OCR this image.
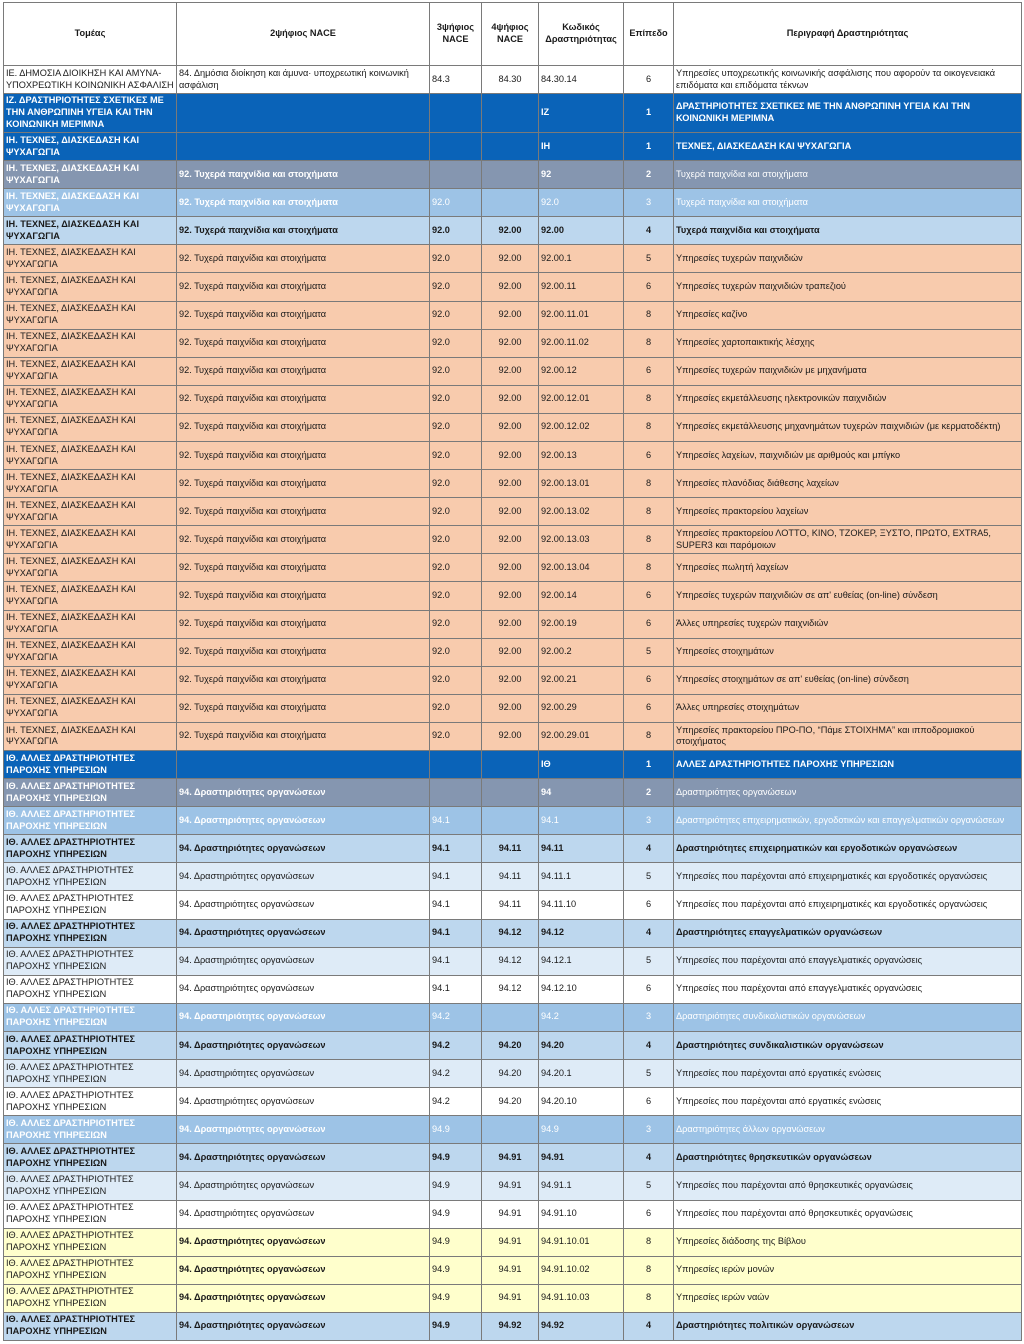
Τομέας	2ψήφιος NACE	3ψήφιος NACE	4ψήφιος NACE	Κωδικός Δραστηριότητας	Επίπεδο	Περιγραφή Δραστηριότητας
ΙΕ. ΔΗΜΟΣΙΑ ΔΙΟΙΚΗΣΗ ΚΑΙ ΑΜΥΝΑ-ΥΠΟΧΡΕΩΤΙΚΗ ΚΟΙΝΩΝΙΚΗ ΑΣΦΑΛΙΣΗ	84. Δημόσια διοίκηση και άμυνα· υποχρεωτική κοινωνική ασφάλιση	84.3	84.30	84.30.14	6	Υπηρεσίες υποχρεωτικής κοινωνικής ασφάλισης που αφορούν τα οικογενειακά επιδόματα και επιδόματα τέκνων
ΙΖ. ΔΡΑΣΤΗΡΙΟΤΗΤΕΣ ΣΧΕΤΙΚΕΣ ΜΕ ΤΗΝ ΑΝΘΡΩΠΙΝΗ ΥΓΕΙΑ ΚΑΙ ΤΗΝ ΚΟΙΝΩΝΙΚΗ ΜΕΡΙΜΝΑ				ΙΖ	1	ΔΡΑΣΤΗΡΙΟΤΗΤΕΣ ΣΧΕΤΙΚΕΣ ΜΕ ΤΗΝ ΑΝΘΡΩΠΙΝΗ ΥΓΕΙΑ ΚΑΙ ΤΗΝ ΚΟΙΝΩΝΙΚΗ ΜΕΡΙΜΝΑ
ΙΗ. ΤΕΧΝΕΣ, ΔΙΑΣΚΕΔΑΣΗ ΚΑΙ ΨΥΧΑΓΩΓΙΑ				ΙΗ	1	ΤΕΧΝΕΣ, ΔΙΑΣΚΕΔΑΣΗ ΚΑΙ ΨΥΧΑΓΩΓΙΑ
ΙΗ. ΤΕΧΝΕΣ, ΔΙΑΣΚΕΔΑΣΗ ΚΑΙ ΨΥΧΑΓΩΓΙΑ	92. Τυχερά παιχνίδια και στοιχήματα			92	2	Τυχερά παιχνίδια και στοιχήματα
ΙΗ. ΤΕΧΝΕΣ, ΔΙΑΣΚΕΔΑΣΗ ΚΑΙ ΨΥΧΑΓΩΓΙΑ	92. Τυχερά παιχνίδια και στοιχήματα	92.0		92.0	3	Τυχερά παιχνίδια και στοιχήματα
ΙΗ. ΤΕΧΝΕΣ, ΔΙΑΣΚΕΔΑΣΗ ΚΑΙ ΨΥΧΑΓΩΓΙΑ	92. Τυχερά παιχνίδια και στοιχήματα	92.0	92.00	92.00	4	Τυχερά παιχνίδια και στοιχήματα
ΙΗ. ΤΕΧΝΕΣ, ΔΙΑΣΚΕΔΑΣΗ ΚΑΙ ΨΥΧΑΓΩΓΙΑ	92. Τυχερά παιχνίδια και στοιχήματα	92.0	92.00	92.00.1	5	Υπηρεσίες τυχερών παιχνιδιών
ΙΗ. ΤΕΧΝΕΣ, ΔΙΑΣΚΕΔΑΣΗ ΚΑΙ ΨΥΧΑΓΩΓΙΑ	92. Τυχερά παιχνίδια και στοιχήματα	92.0	92.00	92.00.11	6	Υπηρεσίες τυχερών παιχνιδιών τραπεζιού
ΙΗ. ΤΕΧΝΕΣ, ΔΙΑΣΚΕΔΑΣΗ ΚΑΙ ΨΥΧΑΓΩΓΙΑ	92. Τυχερά παιχνίδια και στοιχήματα	92.0	92.00	92.00.11.01	8	Υπηρεσίες καζίνο
ΙΗ. ΤΕΧΝΕΣ, ΔΙΑΣΚΕΔΑΣΗ ΚΑΙ ΨΥΧΑΓΩΓΙΑ	92. Τυχερά παιχνίδια και στοιχήματα	92.0	92.00	92.00.11.02	8	Υπηρεσίες χαρτοπαικτικής λέσχης
ΙΗ. ΤΕΧΝΕΣ, ΔΙΑΣΚΕΔΑΣΗ ΚΑΙ ΨΥΧΑΓΩΓΙΑ	92. Τυχερά παιχνίδια και στοιχήματα	92.0	92.00	92.00.12	6	Υπηρεσίες τυχερών παιχνιδιών με μηχανήματα
ΙΗ. ΤΕΧΝΕΣ, ΔΙΑΣΚΕΔΑΣΗ ΚΑΙ ΨΥΧΑΓΩΓΙΑ	92. Τυχερά παιχνίδια και στοιχήματα	92.0	92.00	92.00.12.01	8	Υπηρεσίες εκμετάλλευσης ηλεκτρονικών παιχνιδιών
ΙΗ. ΤΕΧΝΕΣ, ΔΙΑΣΚΕΔΑΣΗ ΚΑΙ ΨΥΧΑΓΩΓΙΑ	92. Τυχερά παιχνίδια και στοιχήματα	92.0	92.00	92.00.12.02	8	Υπηρεσίες εκμετάλλευσης μηχανημάτων τυχερών παιχνιδιών (με κερματοδέκτη)
ΙΗ. ΤΕΧΝΕΣ, ΔΙΑΣΚΕΔΑΣΗ ΚΑΙ ΨΥΧΑΓΩΓΙΑ	92. Τυχερά παιχνίδια και στοιχήματα	92.0	92.00	92.00.13	6	Υπηρεσίες λαχείων, παιχνιδιών με αριθμούς και μπίγκο
ΙΗ. ΤΕΧΝΕΣ, ΔΙΑΣΚΕΔΑΣΗ ΚΑΙ ΨΥΧΑΓΩΓΙΑ	92. Τυχερά παιχνίδια και στοιχήματα	92.0	92.00	92.00.13.01	8	Υπηρεσίες πλανόδιας διάθεσης λαχείων
ΙΗ. ΤΕΧΝΕΣ, ΔΙΑΣΚΕΔΑΣΗ ΚΑΙ ΨΥΧΑΓΩΓΙΑ	92. Τυχερά παιχνίδια και στοιχήματα	92.0	92.00	92.00.13.02	8	Υπηρεσίες πρακτορείου λαχείων
ΙΗ. ΤΕΧΝΕΣ, ΔΙΑΣΚΕΔΑΣΗ ΚΑΙ ΨΥΧΑΓΩΓΙΑ	92. Τυχερά παιχνίδια και στοιχήματα	92.0	92.00	92.00.13.03	8	Υπηρεσίες πρακτορείου ΛΟΤΤΟ, ΚΙΝΟ, ΤΖΟΚΕΡ, ΞΥΣΤΟ, ΠΡΩΤΟ, EXTRA5, SUPER3 και παρόμοιων
ΙΗ. ΤΕΧΝΕΣ, ΔΙΑΣΚΕΔΑΣΗ ΚΑΙ ΨΥΧΑΓΩΓΙΑ	92. Τυχερά παιχνίδια και στοιχήματα	92.0	92.00	92.00.13.04	8	Υπηρεσίες πωλητή λαχείων
ΙΗ. ΤΕΧΝΕΣ, ΔΙΑΣΚΕΔΑΣΗ ΚΑΙ ΨΥΧΑΓΩΓΙΑ	92. Τυχερά παιχνίδια και στοιχήματα	92.0	92.00	92.00.14	6	Υπηρεσίες τυχερών παιχνιδιών σε απ' ευθείας (on-line) σύνδεση
ΙΗ. ΤΕΧΝΕΣ, ΔΙΑΣΚΕΔΑΣΗ ΚΑΙ ΨΥΧΑΓΩΓΙΑ	92. Τυχερά παιχνίδια και στοιχήματα	92.0	92.00	92.00.19	6	Άλλες υπηρεσίες τυχερών παιχνιδιών
ΙΗ. ΤΕΧΝΕΣ, ΔΙΑΣΚΕΔΑΣΗ ΚΑΙ ΨΥΧΑΓΩΓΙΑ	92. Τυχερά παιχνίδια και στοιχήματα	92.0	92.00	92.00.2	5	Υπηρεσίες στοιχημάτων
ΙΗ. ΤΕΧΝΕΣ, ΔΙΑΣΚΕΔΑΣΗ ΚΑΙ ΨΥΧΑΓΩΓΙΑ	92. Τυχερά παιχνίδια και στοιχήματα	92.0	92.00	92.00.21	6	Υπηρεσίες στοιχημάτων σε απ' ευθείας (on-line) σύνδεση
ΙΗ. ΤΕΧΝΕΣ, ΔΙΑΣΚΕΔΑΣΗ ΚΑΙ ΨΥΧΑΓΩΓΙΑ	92. Τυχερά παιχνίδια και στοιχήματα	92.0	92.00	92.00.29	6	Άλλες υπηρεσίες στοιχημάτων
ΙΗ. ΤΕΧΝΕΣ, ΔΙΑΣΚΕΔΑΣΗ ΚΑΙ ΨΥΧΑΓΩΓΙΑ	92. Τυχερά παιχνίδια και στοιχήματα	92.0	92.00	92.00.29.01	8	Υπηρεσίες πρακτορείου ΠΡΟ-ΠΟ, “Πάμε ΣΤΟΙΧΗΜΑ” και ιπποδρομιακού στοιχήματος
ΙΘ. ΑΛΛΕΣ ΔΡΑΣΤΗΡΙΟΤΗΤΕΣ ΠΑΡΟΧΗΣ ΥΠΗΡΕΣΙΩΝ				ΙΘ	1	ΑΛΛΕΣ ΔΡΑΣΤΗΡΙΟΤΗΤΕΣ ΠΑΡΟΧΗΣ ΥΠΗΡΕΣΙΩΝ
ΙΘ. ΑΛΛΕΣ ΔΡΑΣΤΗΡΙΟΤΗΤΕΣ ΠΑΡΟΧΗΣ ΥΠΗΡΕΣΙΩΝ	94. Δραστηριότητες οργανώσεων			94	2	Δραστηριότητες οργανώσεων
ΙΘ. ΑΛΛΕΣ ΔΡΑΣΤΗΡΙΟΤΗΤΕΣ ΠΑΡΟΧΗΣ ΥΠΗΡΕΣΙΩΝ	94. Δραστηριότητες οργανώσεων	94.1		94.1	3	Δραστηριότητες επιχειρηματικών, εργοδοτικών και επαγγελματικών οργανώσεων
ΙΘ. ΑΛΛΕΣ ΔΡΑΣΤΗΡΙΟΤΗΤΕΣ ΠΑΡΟΧΗΣ ΥΠΗΡΕΣΙΩΝ	94. Δραστηριότητες οργανώσεων	94.1	94.11	94.11	4	Δραστηριότητες επιχειρηματικών και εργοδοτικών οργανώσεων
ΙΘ. ΑΛΛΕΣ ΔΡΑΣΤΗΡΙΟΤΗΤΕΣ ΠΑΡΟΧΗΣ ΥΠΗΡΕΣΙΩΝ	94. Δραστηριότητες οργανώσεων	94.1	94.11	94.11.1	5	Υπηρεσίες που παρέχονται από επιχειρηματικές και εργοδοτικές οργανώσεις
ΙΘ. ΑΛΛΕΣ ΔΡΑΣΤΗΡΙΟΤΗΤΕΣ ΠΑΡΟΧΗΣ ΥΠΗΡΕΣΙΩΝ	94. Δραστηριότητες οργανώσεων	94.1	94.11	94.11.10	6	Υπηρεσίες που παρέχονται από επιχειρηματικές και εργοδοτικές οργανώσεις
ΙΘ. ΑΛΛΕΣ ΔΡΑΣΤΗΡΙΟΤΗΤΕΣ ΠΑΡΟΧΗΣ ΥΠΗΡΕΣΙΩΝ	94. Δραστηριότητες οργανώσεων	94.1	94.12	94.12	4	Δραστηριότητες επαγγελματικών οργανώσεων
ΙΘ. ΑΛΛΕΣ ΔΡΑΣΤΗΡΙΟΤΗΤΕΣ ΠΑΡΟΧΗΣ ΥΠΗΡΕΣΙΩΝ	94. Δραστηριότητες οργανώσεων	94.1	94.12	94.12.1	5	Υπηρεσίες που παρέχονται από επαγγελματικές οργανώσεις
ΙΘ. ΑΛΛΕΣ ΔΡΑΣΤΗΡΙΟΤΗΤΕΣ ΠΑΡΟΧΗΣ ΥΠΗΡΕΣΙΩΝ	94. Δραστηριότητες οργανώσεων	94.1	94.12	94.12.10	6	Υπηρεσίες που παρέχονται από επαγγελματικές οργανώσεις
ΙΘ. ΑΛΛΕΣ ΔΡΑΣΤΗΡΙΟΤΗΤΕΣ ΠΑΡΟΧΗΣ ΥΠΗΡΕΣΙΩΝ	94. Δραστηριότητες οργανώσεων	94.2		94.2	3	Δραστηριότητες συνδικαλιστικών οργανώσεων
ΙΘ. ΑΛΛΕΣ ΔΡΑΣΤΗΡΙΟΤΗΤΕΣ ΠΑΡΟΧΗΣ ΥΠΗΡΕΣΙΩΝ	94. Δραστηριότητες οργανώσεων	94.2	94.20	94.20	4	Δραστηριότητες συνδικαλιστικών οργανώσεων
ΙΘ. ΑΛΛΕΣ ΔΡΑΣΤΗΡΙΟΤΗΤΕΣ ΠΑΡΟΧΗΣ ΥΠΗΡΕΣΙΩΝ	94. Δραστηριότητες οργανώσεων	94.2	94.20	94.20.1	5	Υπηρεσίες που παρέχονται από εργατικές ενώσεις
ΙΘ. ΑΛΛΕΣ ΔΡΑΣΤΗΡΙΟΤΗΤΕΣ ΠΑΡΟΧΗΣ ΥΠΗΡΕΣΙΩΝ	94. Δραστηριότητες οργανώσεων	94.2	94.20	94.20.10	6	Υπηρεσίες που παρέχονται από εργατικές ενώσεις
ΙΘ. ΑΛΛΕΣ ΔΡΑΣΤΗΡΙΟΤΗΤΕΣ ΠΑΡΟΧΗΣ ΥΠΗΡΕΣΙΩΝ	94. Δραστηριότητες οργανώσεων	94.9		94.9	3	Δραστηριότητες άλλων οργανώσεων
ΙΘ. ΑΛΛΕΣ ΔΡΑΣΤΗΡΙΟΤΗΤΕΣ ΠΑΡΟΧΗΣ ΥΠΗΡΕΣΙΩΝ	94. Δραστηριότητες οργανώσεων	94.9	94.91	94.91	4	Δραστηριότητες θρησκευτικών οργανώσεων
ΙΘ. ΑΛΛΕΣ ΔΡΑΣΤΗΡΙΟΤΗΤΕΣ ΠΑΡΟΧΗΣ ΥΠΗΡΕΣΙΩΝ	94. Δραστηριότητες οργανώσεων	94.9	94.91	94.91.1	5	Υπηρεσίες που παρέχονται από θρησκευτικές οργανώσεις
ΙΘ. ΑΛΛΕΣ ΔΡΑΣΤΗΡΙΟΤΗΤΕΣ ΠΑΡΟΧΗΣ ΥΠΗΡΕΣΙΩΝ	94. Δραστηριότητες οργανώσεων	94.9	94.91	94.91.10	6	Υπηρεσίες που παρέχονται από θρησκευτικές οργανώσεις
ΙΘ. ΑΛΛΕΣ ΔΡΑΣΤΗΡΙΟΤΗΤΕΣ ΠΑΡΟΧΗΣ ΥΠΗΡΕΣΙΩΝ	94. Δραστηριότητες οργανώσεων	94.9	94.91	94.91.10.01	8	Υπηρεσίες διάδοσης της Βίβλου
ΙΘ. ΑΛΛΕΣ ΔΡΑΣΤΗΡΙΟΤΗΤΕΣ ΠΑΡΟΧΗΣ ΥΠΗΡΕΣΙΩΝ	94. Δραστηριότητες οργανώσεων	94.9	94.91	94.91.10.02	8	Υπηρεσίες ιερών μονών
ΙΘ. ΑΛΛΕΣ ΔΡΑΣΤΗΡΙΟΤΗΤΕΣ ΠΑΡΟΧΗΣ ΥΠΗΡΕΣΙΩΝ	94. Δραστηριότητες οργανώσεων	94.9	94.91	94.91.10.03	8	Υπηρεσίες ιερών ναών
ΙΘ. ΑΛΛΕΣ ΔΡΑΣΤΗΡΙΟΤΗΤΕΣ ΠΑΡΟΧΗΣ ΥΠΗΡΕΣΙΩΝ	94. Δραστηριότητες οργανώσεων	94.9	94.92	94.92	4	Δραστηριότητες πολιτικών οργανώσεων
